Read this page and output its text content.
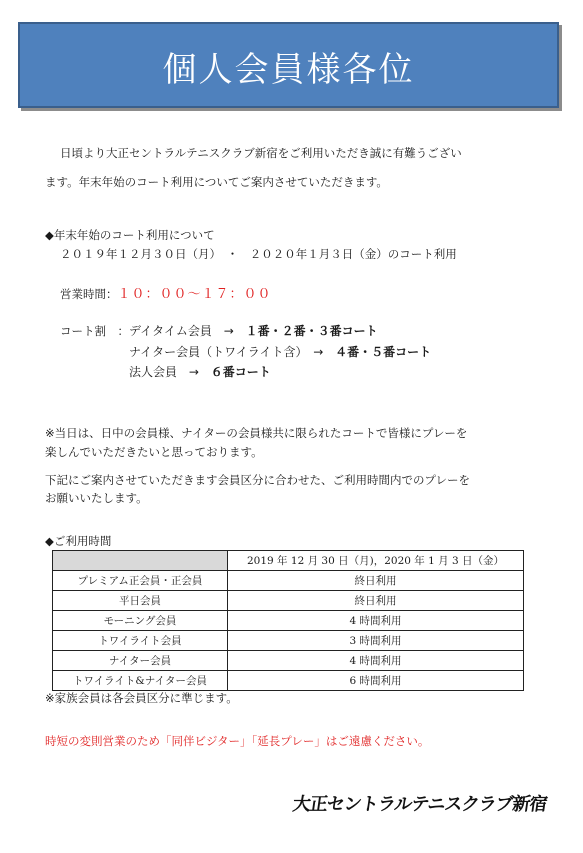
個人会員様各位
日頃より大正セントラルテニスクラブ新宿をご利用いただき誠に有難うござい
ます。年末年始のコート利用についてご案内させていただきます。
◆年末年始のコート利用について
２０１９年１２月３０日（月）　・　２０２０年１月３日（金）のコート利用
営業時間：１０：００〜１７：００
コート割　： デイタイム会員 → １番・２番・３番コート
ナイター会員（トワイライト含） → ４番・５番コート
法人会員 → ６番コート
※当日は、日中の会員様、ナイターの会員様共に限られたコートで皆様にプレーを
楽しんでいただきたいと思っております。
下記にご案内させていただきます会員区分に合わせた、ご利用時間内でのプレーを
お願いいたします。
◆ご利用時間
	2019 年 12 月 30 日（月)，2020 年 1 月 3 日（金）
プレミアム正会員・正会員	終日利用
平日会員	終日利用
モーニング会員	4 時間利用
トワイライト会員	3 時間利用
ナイター会員	4 時間利用
トワイライト&ナイター会員	6 時間利用
※家族会員は各会員区分に準じます。
時短の変則営業のため「同伴ビジター」「延長プレー」はご遠慮ください。
大正セントラルテニスクラブ新宿
